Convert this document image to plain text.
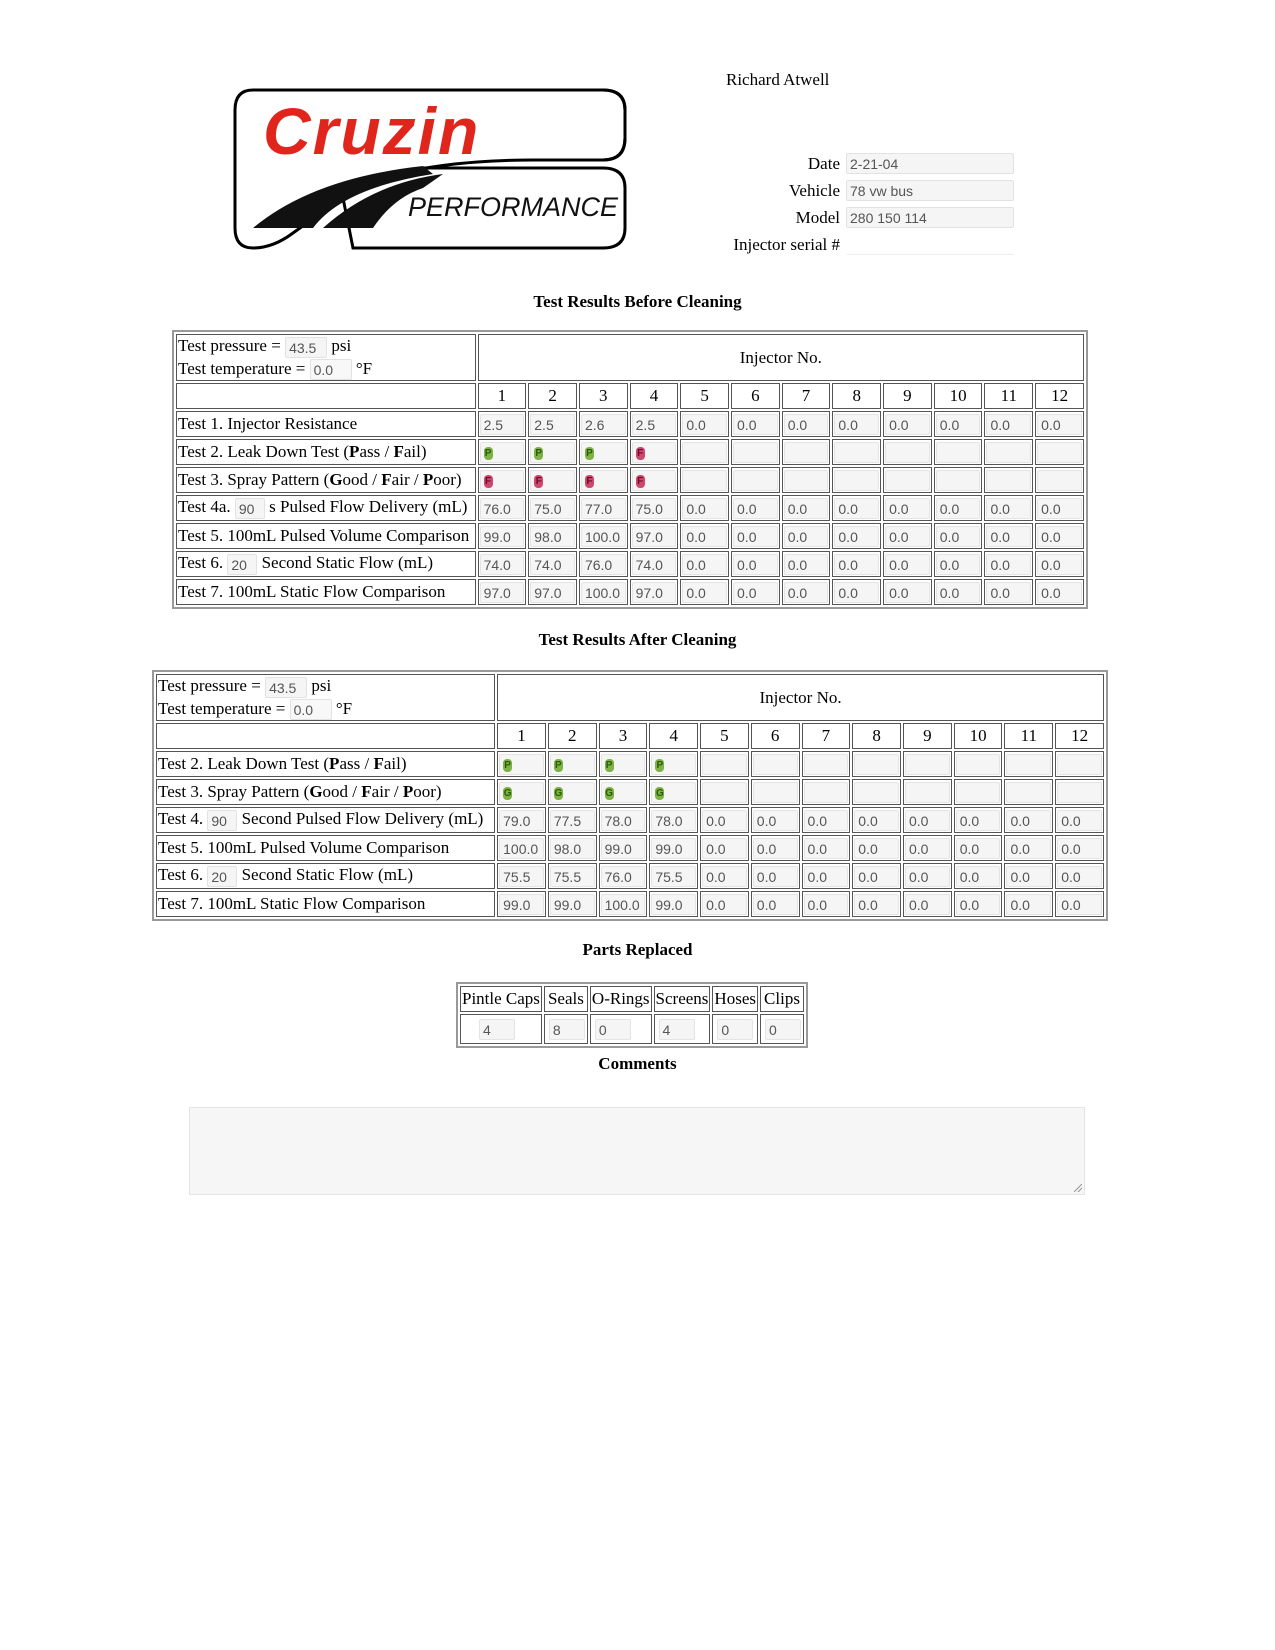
Cruzin
PERFORMANCE
Richard Atwell
Date 2-21-04
Vehicle 78 vw bus
Model 280 150 114
Injector serial #
Test Results Before Cleaning
Test pressure = 43.5 psi
Test temperature = 0.0 °F	Injector No.											
	1	2	3	4	5	6	7	8	9	10	11	12
Test 1. Injector Resistance	2.5	2.5	2.6	2.5	0.0	0.0	0.0	0.0	0.0	0.0	0.0	0.0

Test 2. Leak Down Test (Pass / Fail)	P	P	P	F								

Test 3. Spray Pattern (Good / Fair / Poor)	F	F	F	F								

Test 4a. 90 s Pulsed Flow Delivery (mL)	76.0	75.0	77.0	75.0	0.0	0.0	0.0	0.0	0.0	0.0	0.0	0.0

Test 5. 100mL Pulsed Volume Comparison	99.0	98.0	100.0	97.0	0.0	0.0	0.0	0.0	0.0	0.0	0.0	0.0

Test 6. 20 Second Static Flow (mL)	74.0	74.0	76.0	74.0	0.0	0.0	0.0	0.0	0.0	0.0	0.0	0.0

Test 7. 100mL Static Flow Comparison	97.0	97.0	100.0	97.0	0.0	0.0	0.0	0.0	0.0	0.0	0.0	0.0
Test Results After Cleaning
Test pressure = 43.5 psi
Test temperature = 0.0 °F	Injector No.											
	1	2	3	4	5	6	7	8	9	10	11	12
Test 2. Leak Down Test (Pass / Fail)	P	P	P	P								

Test 3. Spray Pattern (Good / Fair / Poor)	G	G	G	G								

Test 4. 90 Second Pulsed Flow Delivery (mL)	79.0	77.5	78.0	78.0	0.0	0.0	0.0	0.0	0.0	0.0	0.0	0.0

Test 5. 100mL Pulsed Volume Comparison	100.0	98.0	99.0	99.0	0.0	0.0	0.0	0.0	0.0	0.0	0.0	0.0

Test 6. 20 Second Static Flow (mL)	75.5	75.5	76.0	75.5	0.0	0.0	0.0	0.0	0.0	0.0	0.0	0.0

Test 7. 100mL Static Flow Comparison	99.0	99.0	100.0	99.0	0.0	0.0	0.0	0.0	0.0	0.0	0.0	0.0
Parts Replaced
Pintle Caps	Seals	O-Rings	Screens	Hoses	Clips

4	8	0	4	0	0
Comments
